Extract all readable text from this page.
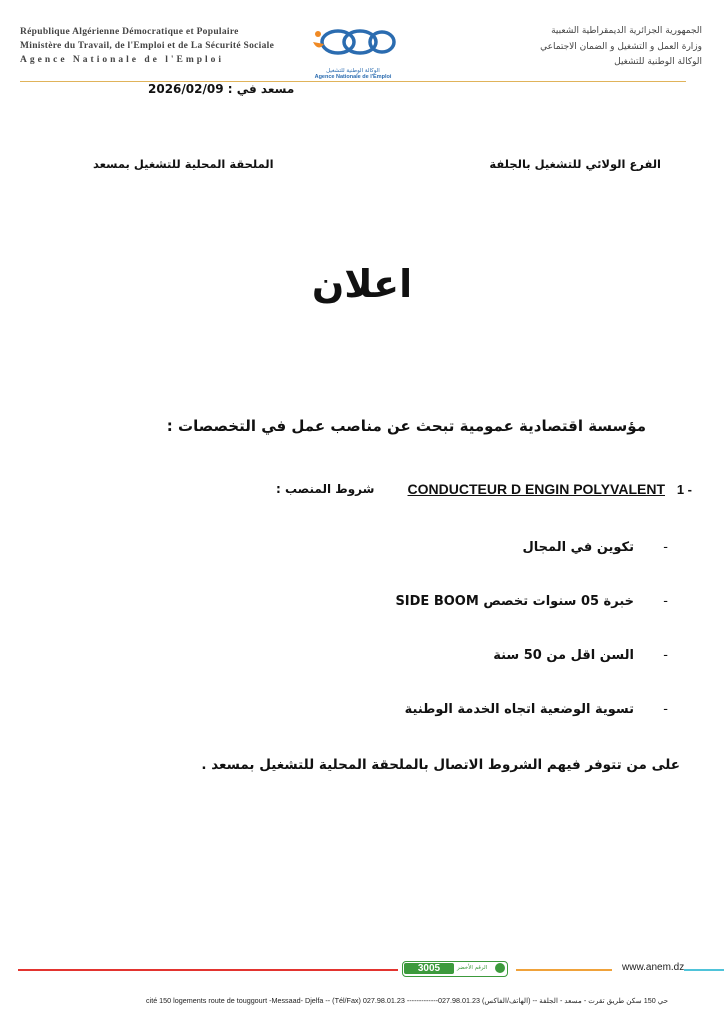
République Algérienne Démocratique et Populaire
Ministère du Travail, de l'Emploi et de La Sécurité Sociale
Agence Nationale de l'Emploi
الوكالة الوطنية للتشغيل
Agence Nationale de l'Emploi
الجمهورية الجزائرية الديمقراطية الشعبية
وزارة العمل و التشغيل و الضمان الاجتماعي
الوكالة الوطنية للتشغيل
مسعد في : 2026/02/09
الفرع الولائي للتشغيل بالجلفة
الملحقة المحلية للتشغيل بمسعد
اعلان
مؤسسة اقتصادية عمومية تبحث عن مناصب عمل في التخصصات :
1 -
CONDUCTEUR D ENGIN POLYVALENT
شروط المنصب :
-
تكوين في المجال
-
خبرة 05 سنوات تخصص SIDE BOOM
-
السن اقل من 50 سنة
-
تسوية الوضعية اتجاه الخدمة الوطنية
على من تتوفر فيهم الشروط الاتصال بالملحقة المحلية للتشغيل بمسعد .
3005	الرقم الأخضر	www.anem.dz
cité 150 logements route de touggourt -Messaad- Djelfa -- (Tél/Fax) 027.98.01.23 -------------027.98.01.23 (الهاتف/الفاكس) -- حي 150 سكن طريق تقرت - مسعد - الجلفة
